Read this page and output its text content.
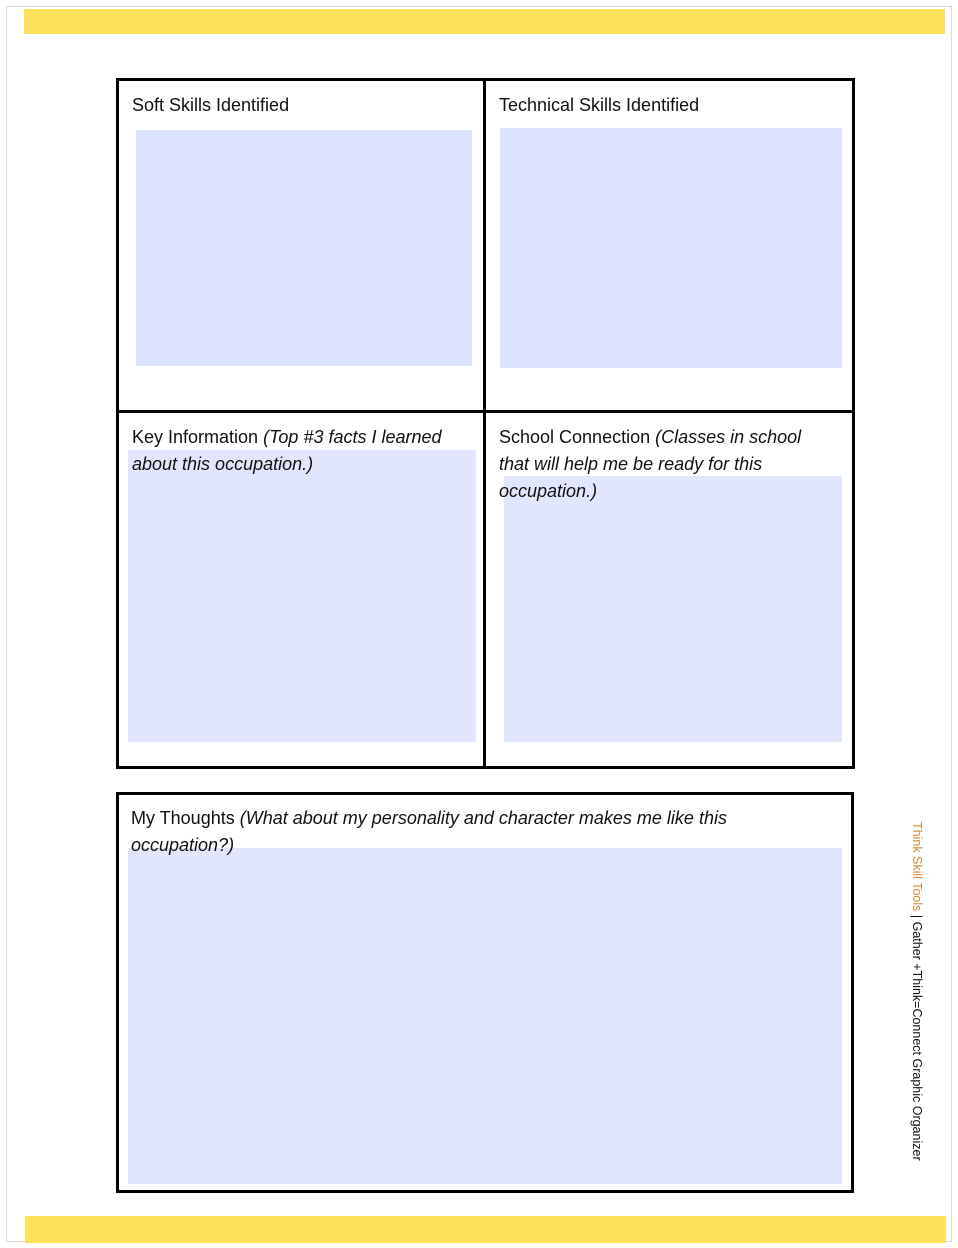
Soft Skills Identified	Technical Skills Identified
Key Information (Top #3 facts I learned about this occupation.)
School Connection (Classes in school that will help me be ready for this occupation.)
My Thoughts (What about my personality and character makes me like this occupation?)	Think Skill Tools | Gather +Think=Connect Graphic Organizer
